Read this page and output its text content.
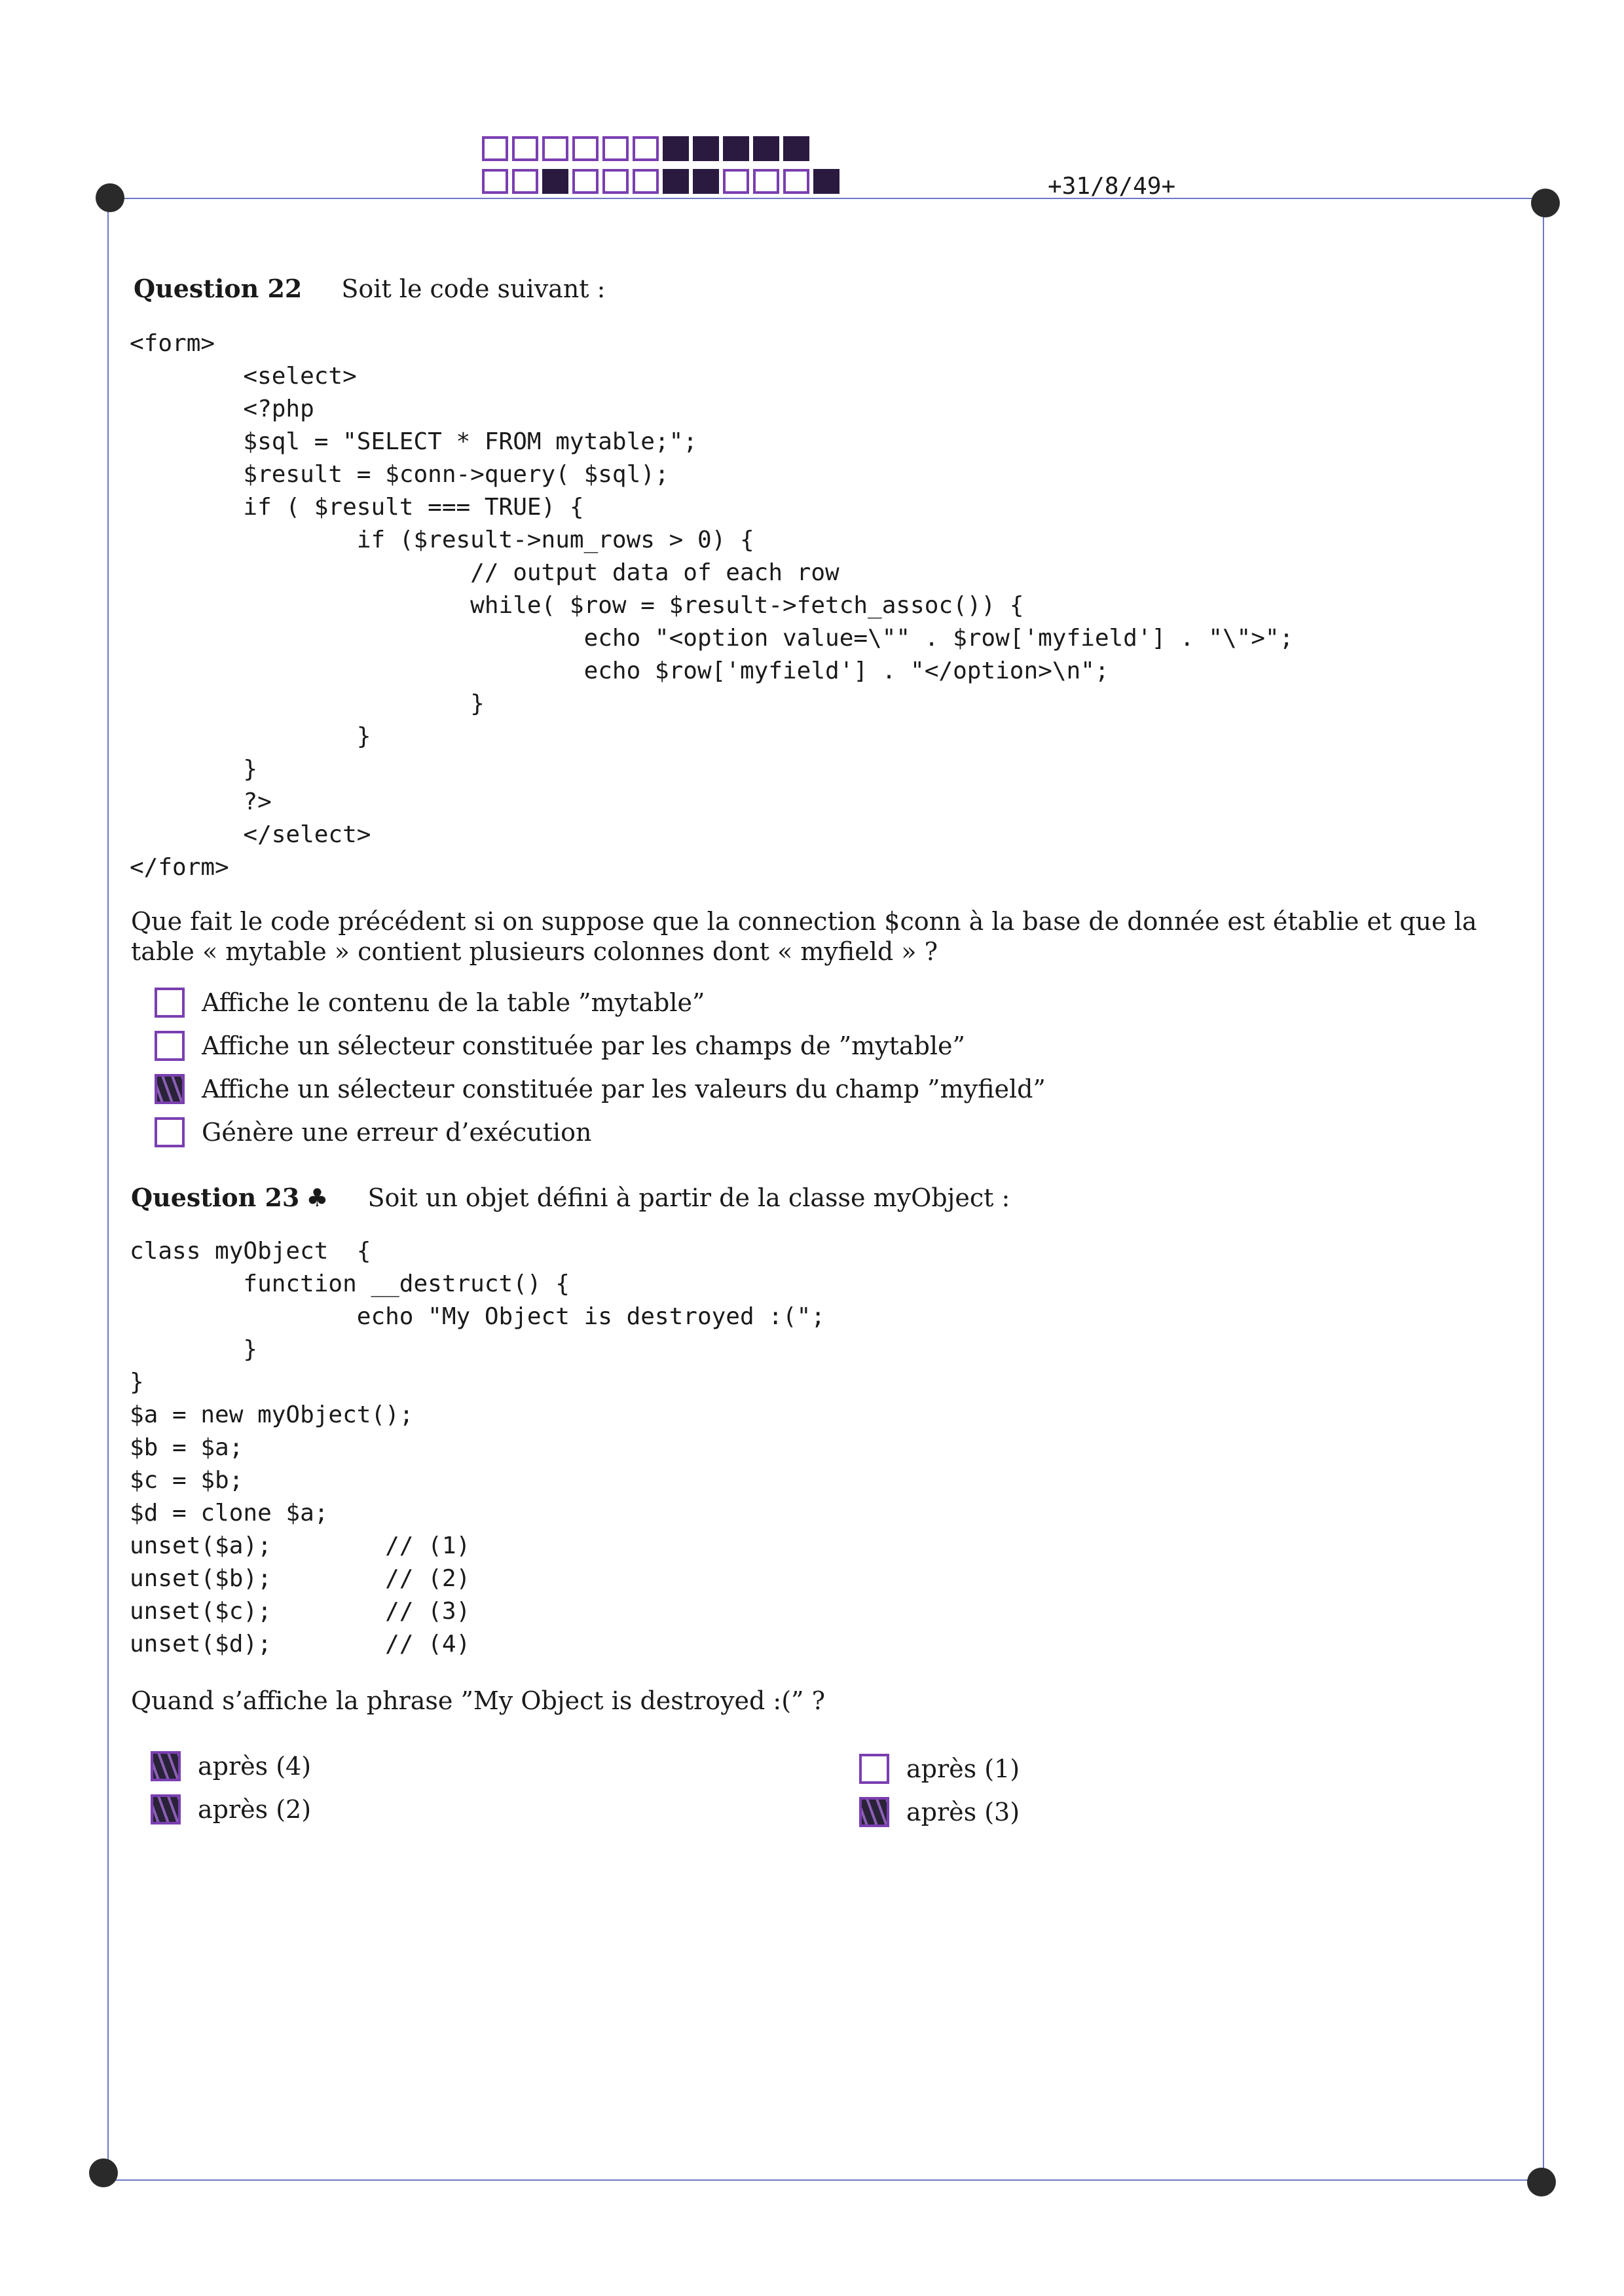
+31/8/49+
Question 22 Soit le code suivant :
<form>
<select>
<?php
$sql = "SELECT * FROM mytable;";
$result = $conn->query( $sql);
if ( $result === TRUE) {
if ($result->num_rows > 0) {
// output data of each row
while( $row = $result->fetch_assoc()) {
echo "<option value=\"" . $row['myfield'] . "\">";
echo $row['myfield'] . "</option>\n";
}
}
}
?>
</select>
</form>
Que fait le code précédent si on suppose que la connection $conn à la base de donnée est établie et que la table « mytable » contient plusieurs colonnes dont « myfield » ?
Affiche le contenu de la table ”mytable”
Affiche un sélecteur constituée par les champs de ”mytable”
Affiche un sélecteur constituée par les valeurs du champ ”myfield”
Génère une erreur d’exécution
Question 23 ♣ Soit un objet défini à partir de la classe myObject :
class myObject  {
function __destruct() {
echo "My Object is destroyed :(";
}
}
$a = new myObject();
$b = $a;
$c = $b;
$d = clone $a;
unset($a);        // (1)
unset($b);        // (2)
unset($c);        // (3)
unset($d);        // (4)
Quand s’affiche la phrase ”My Object is destroyed :(” ?
après (4)
après (2)
après (1)
après (3)
